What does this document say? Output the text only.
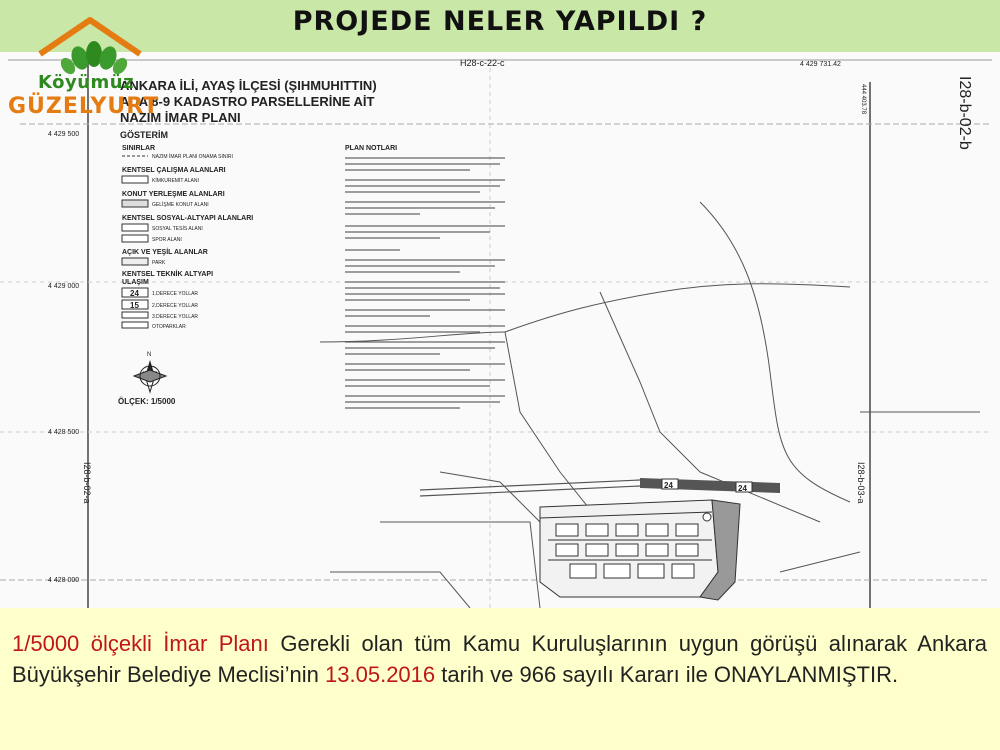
PROJEDE NELER YAPILDI ?
H28-c-22-c	4 429 731.42
I28-b-02-b
I28-b-02-a	I28-b-03-a
444 403.78
4 429 500
4 429 000
4 428 500
4 428 000
ANKARA İLİ, AYAŞ İLÇESİ (ŞIHMUHITTIN)
ADA 8-9 KADASTRO PARSELLERİNE AİT
NAZIM İMAR PLANI
GÖSTERİM
SINIRLAR
NAZIM İMAR PLANI ONAMA SINIRI
KENTSEL ÇALIŞMA ALANLARI
KİMKUREMİT ALANI
KONUT YERLEŞME ALANLARI
GELİŞME KONUT ALANI
KENTSEL SOSYAL-ALTYAPI ALANLARI
SOSYAL TESİS ALANI
SPOR ALANI
AÇIK VE YEŞİL ALANLAR
PARK
KENTSEL TEKNİK ALTYAPI
ULAŞIM
24	1.DERECE YOLLAR
15	2.DERECE YOLLAR
3.DERECE YOLLAR
OTOPARKLAR
PLAN NOTLARI
24	24
N
ÖLÇEK: 1/5000
Köyümüz
GÜZELYURT
1/5000 ölçekli İmar Planı Gerekli olan tüm Kamu Kuruluşlarının uygun görüşü alınarak Ankara Büyükşehir Belediye Meclisi’nin 13.05.2016 tarih ve 966 sayılı Kararı ile ONAYLANMIŞTIR.
